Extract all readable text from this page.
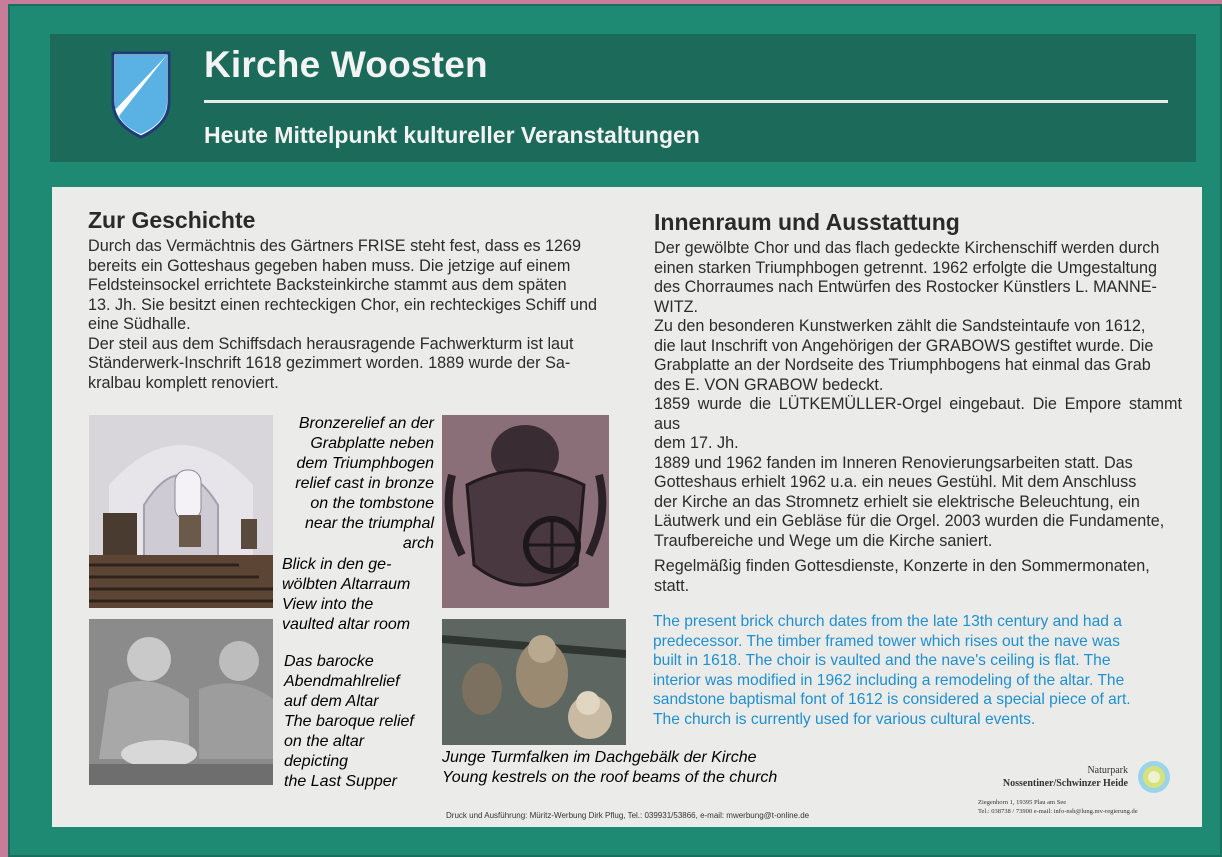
Kirche Woosten
Heute Mittelpunkt kultureller Veranstaltungen
Zur Geschichte
Durch das Vermächtnis des Gärtners FRISE steht fest, dass es 1269
bereits ein Gotteshaus gegeben haben muss. Die jetzige auf einem
Feldsteinsockel errichtete Backsteinkirche stammt aus dem späten
13. Jh. Sie besitzt einen rechteckigen Chor, ein rechteckiges Schiff und
eine Südhalle.
Der steil aus dem Schiffsdach herausragende Fachwerkturm ist laut
Ständerwerk-Inschrift 1618 gezimmert worden. 1889 wurde der Sa-
kralbau komplett renoviert.
Innenraum und Ausstattung
Der gewölbte Chor und das flach gedeckte Kirchenschiff werden durch
einen starken Triumphbogen getrennt. 1962 erfolgte die Umgestaltung
des Chorraumes nach Entwürfen des Rostocker Künstlers L. MANNE-
WITZ.
Zu den besonderen Kunstwerken zählt die Sandsteintaufe von 1612,
die laut Inschrift von Angehörigen der GRABOWS gestiftet wurde. Die
Grabplatte an der Nordseite des Triumphbogens hat einmal das Grab
des E. VON GRABOW bedeckt.
1859 wurde die LÜTKEMÜLLER-Orgel eingebaut. Die Empore stammt aus
dem 17. Jh.
1889 und 1962 fanden im Inneren Renovierungsarbeiten statt. Das
Gotteshaus erhielt 1962 u.a. ein neues Gestühl. Mit dem Anschluss
der Kirche an das Stromnetz erhielt sie elektrische Beleuchtung, ein
Läutwerk und ein Gebläse für die Orgel. 2003 wurden die Fundamente,
Traufbereiche und Wege um die Kirche saniert.
Regelmäßig finden Gottesdienste, Konzerte in den Sommermonaten,
statt.
The present brick church dates from the late 13th century and had a
predecessor. The timber framed tower which rises out the nave was
built in 1618. The choir is vaulted and the nave's ceiling is flat. The
interior was modified in 1962 including a remodeling of the altar. The
sandstone baptismal font of 1612 is considered a special piece of art.
The church is currently used for various cultural events.
Bronzerelief an der
Grabplatte neben
dem Triumphbogen
relief cast in bronze
on the tombstone
near the triumphal
arch
Blick in den ge-
wölbten Altarraum
View into the
vaulted altar room
Das barocke
Abendmahlrelief
auf dem Altar
The baroque relief
on the altar
depicting
the Last Supper
Junge Turmfalken im Dachgebälk der Kirche
Young kestrels on the roof beams of the church
Druck und Ausführung: Müritz-Werbung Dirk Pflug, Tel.: 039931/53866, e-mail: mwerbung@t-online.de
Naturpark
Nossentiner/Schwinzer Heide
Ziegenhorn 1, 19395 Plau am See
Tel.: 038738 / 73900 e-mail: info-nsh@lung.mv-regierung.de
